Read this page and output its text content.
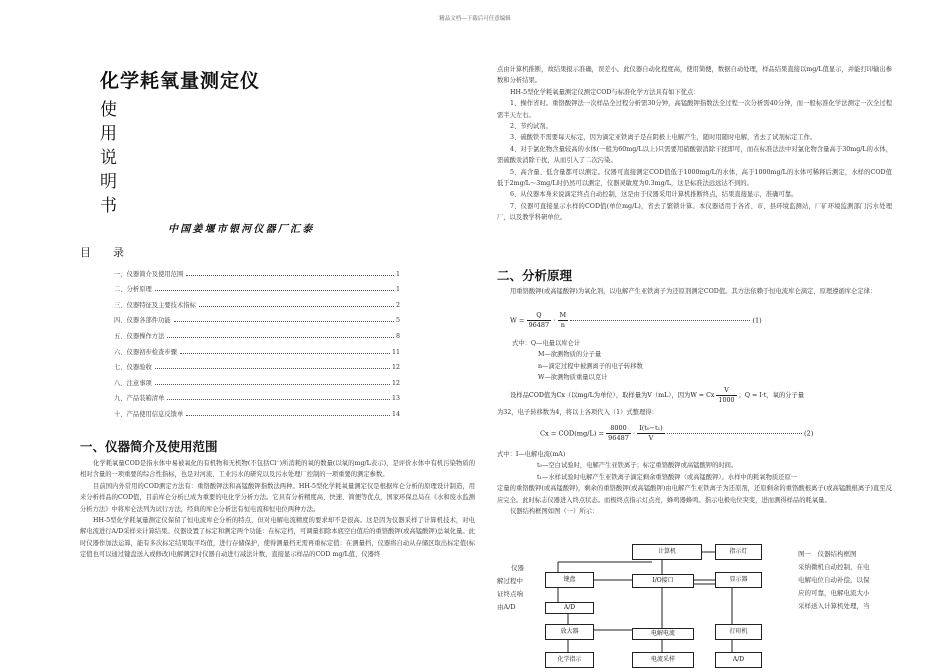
精品文档---下载后可任意编辑
化学耗氧量测定仪
使
用
说
明
书
中国姜堰市银河仪器厂汇泰
目　　录
一、仪器简介及使用范围	1
二、分析原理	1
三、仪器特征及主要技术指标	2
四、仪器各部件功能	5
五、仪器操作方法	8
六、仪器初步检查步骤	11
七、仪器验收	12
八、注意事项	12
九、产品装箱清单	13
十、产品使用信息反馈单	14
一、仪器简介及使用范围

化学耗氧量COD是指水体中易被氧化的有机物和无机物(不包括Cl⁻)所消耗的氧的数量(以氧的mg/L表示)，是评价水体中有机污染物质的相对含量的一项重要的综合性指标，也是对河流、工业污水的研究以及污水处理厂控制的一项重要的测定参数。

目前国内外常用的COD测定方法有：重铬酸钾法和高锰酸钾指数法两种。HH-5型化学耗氧量测定仪是根据库仑分析的原理设计制造，用来分析样品的COD值，目前库仑分析已成为重要的电化学分析方法。它具有分析精度高、快速、简便等优点，国家环保总局在《水和废水监测分析方法》中将库仑法列为试行方法，经典的库仑分析法有恒电流和恒电位两种方法。

HH-5型化学耗氧量测定仪保留了恒电流库仑分析的特点，但对电解电流精度的要求却不是很高。这是因为仪器采样了计算机技术，对电解电流进行A/D采样来计算结果。仪器设置了标定和测定两个功能：在标定档，可调量扣除本底空白值后的重铬酸钾(或高锰酸钾)总氧化量。此时仪器作加法运算，能有多次标定结果取平均值，进行存储保护，使得测量档无需再重标定值：在测量档，仪器将自动从存储区取出标定值(标定值也可以通过键盘送入或修改)电解测定时仪器自动进行减法计数，直接显示样品的COD mg/L值，仪器终

点由计算机推断，故结果报示准确，误差小。此仪器自动化程度高，使用简便，数据自动处理，样品结果直接以mg/L值显示，并能打印输出参数和分析结果。

HH-5型化学耗氧量测定仪测定COD与标准化学方法具有如下优点：

1、操作省时。重铬酸钾法一次样品全过程分析需30分钟，高锰酸钾指数法全过程一次分析需40分钟，而一般标准化学法测定一次全过程需半天左右。

2、节约试剂。

3、硫酸铁不需要每天标定，因为滴定亚铁离子是在阴极上电解产生，随时用随时电解，省去了试剂标定工作。

4、对于氯化物含量较高的水体(一般为60mg/L以上)只需要用硝酸银消除干扰即可，而在标准法法中对氯化物含量高于30mg/L的水体，需硫酸汞消除干扰，从而引入了二次污染。

5、高含量、低含量都可以测定。仪器可直接测定COD值低于1000mg/L的水体，高于1000mg/L的水体可稀释后测定，水样的COD值低于2mg/L～3mg/L时仍然可以测定，仪器灵敏度为0.3mg/L，这是标准法远远达不到的。

6、从仪器本身来说滴定终点自动控制，这是由于仪器采用计算机推断终点，结果直接显示，准确可靠。

7、仪器可直接显示水样的COD值(单位mg/L)，省去了繁锁计算。本仪器适用于各省、市、县环境监测站，厂矿环境监测部门污水处理厂，以及教学科研单位。

二、分析原理
用重铬酸钾(或高锰酸钾)为氧化剂，以电解产生亚铁离子为还原剂测定COD值。其方法依赖于恒电流库仑滴定，原理遵循库仑定律：
$W = \frac{Q}{96487} \cdot \frac{M}{n}$	(1)
式中：Q—电量以库仑计
M—欲测物质的分子量
n—滴定过程中被测离子的电子转移数
W—欲测物质重量以克计
设样品COD值为Cx（以mg/L为单位），取样量为V（mL），因为W = Cx $\frac{V}{1000}$ ；Q = I·t，氧的分子量
为32，电子转移数为4，将以上各项代入（1）式整理得：
$Cx = COD(mg/L) = \frac{8000}{96487} \cdot \frac{\text{I(t₀−t₁)}}{V}$	(2)
式中：I—电解电流(mA)
t₀—空白试验时，电解产生亚铁离子；标定重铬酸钾或高锰酸钾的时间。
t₁—水样试验时电解产生亚铁离子滴定剩余重铬酸钾（或高锰酸钾）。水样中的耗氧物质还原一

定量的重铬酸钾(或高锰酸钾)，剩余的重铬酸钾(或高锰酸钾)由电解产生亚铁离子为还原剂，还原剩余的重铬酸根离子(或高锰酸根离子)直至反应完全。此时标志仪器进入终点状态。而极终点指示灯点亮，蜂鸣器蜂鸣。指示电极电位突变，进而测得样品的耗氧量。

仪器结构框图如图（一）所示：
仪器
解过程中
证终点响
由A/D
图一　仪器结构框图
采纳微机自动控制，在电
电解电位自动补偿，以保
应的可靠，电解电流大小
采样送入计算机处理，当
计算机	指示灯
键盘	I/O接口	显示器
A/D
放大器	电解电流	打印机
化学指示	电流采样	A/D
